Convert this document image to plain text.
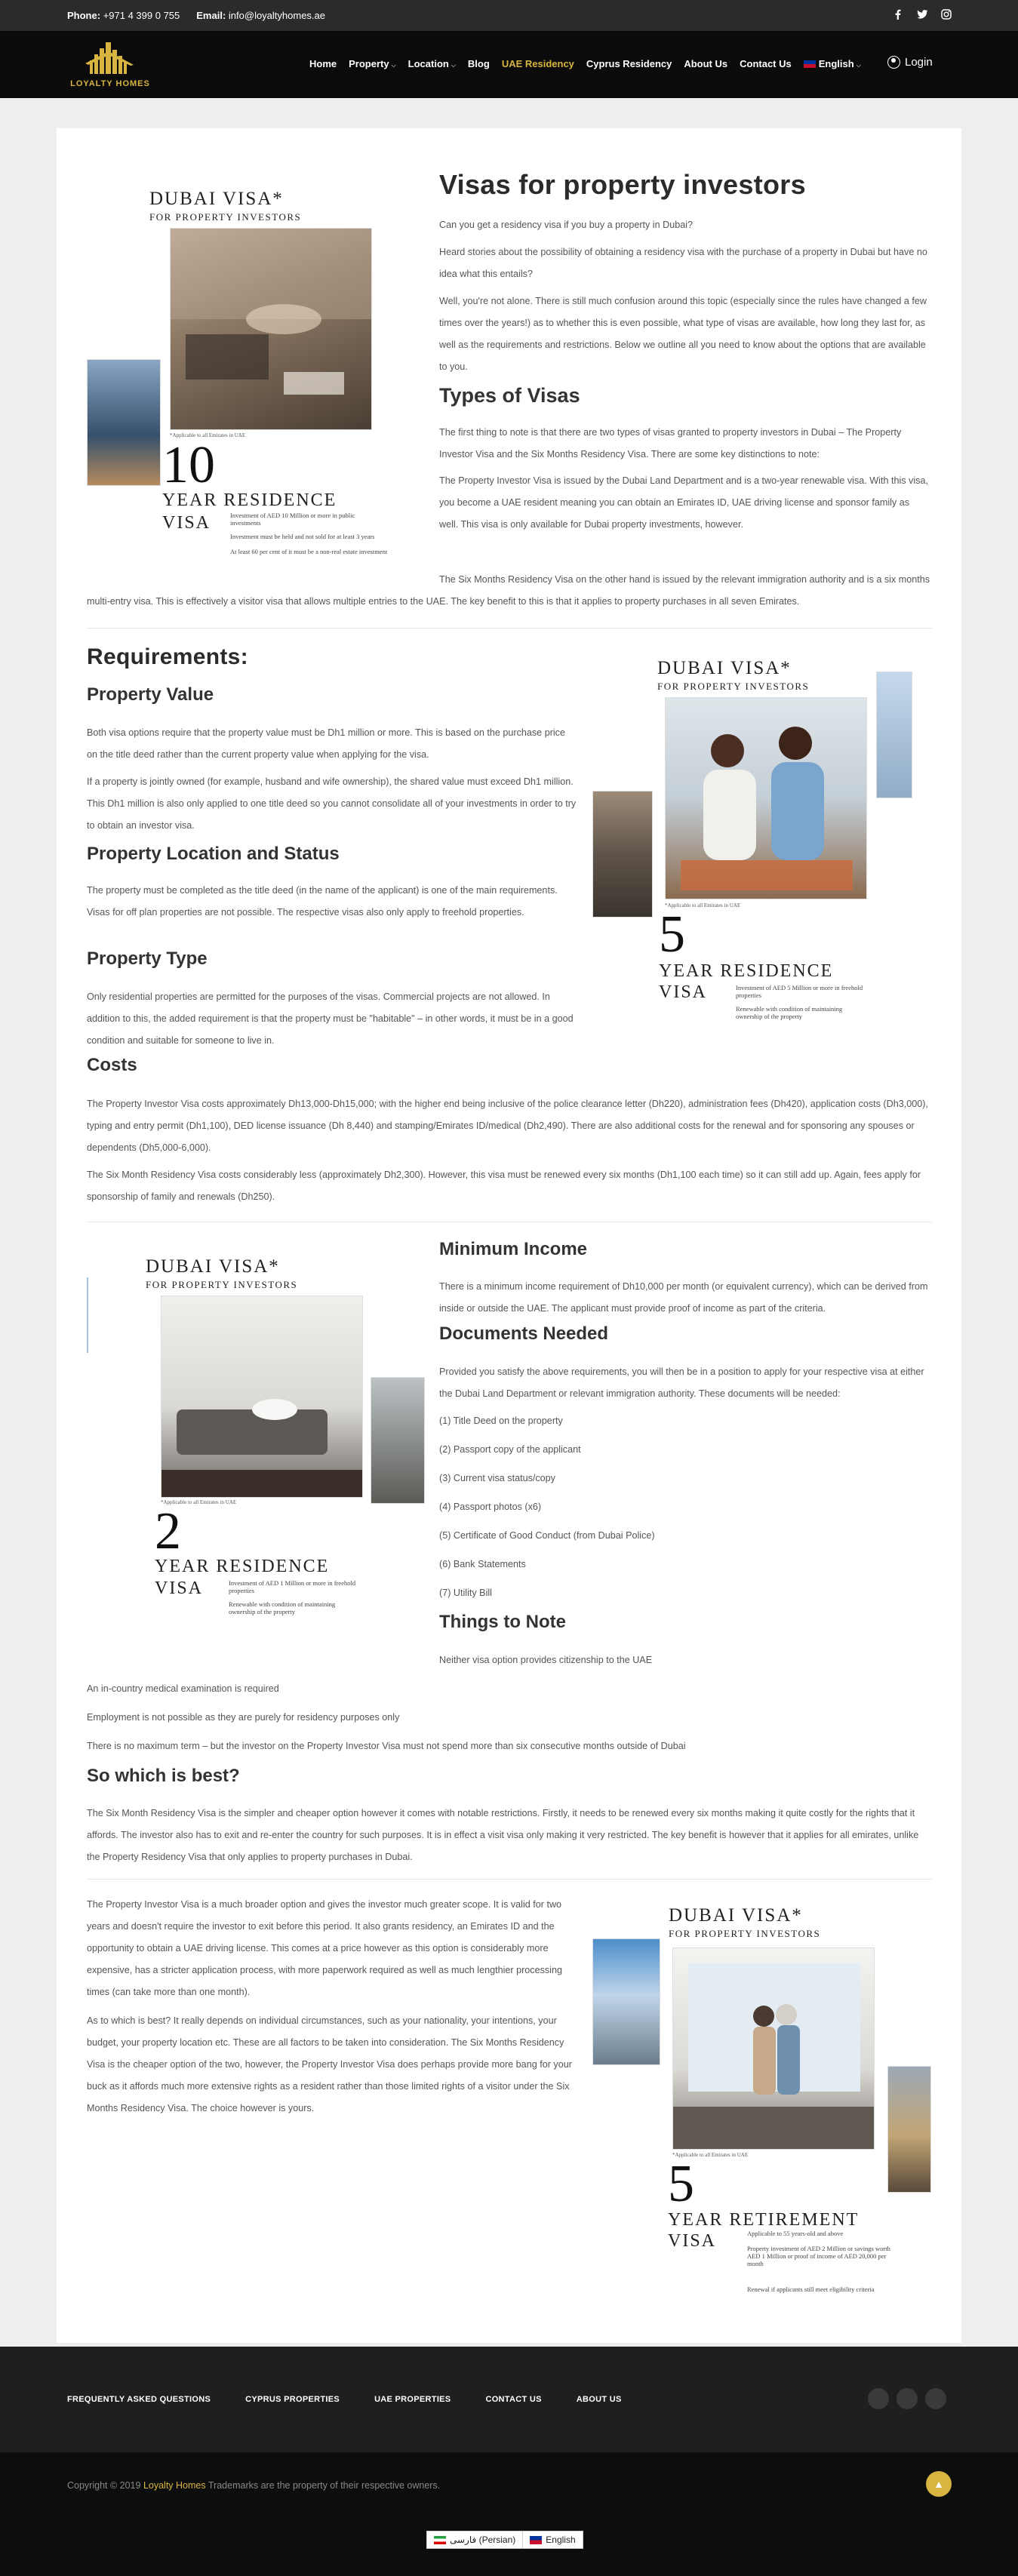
Phone: +971 4 399 0 755 Email: info@loyaltyhomes.ae
LOYALTY HOMES
Home Property ⌵ Location ⌵ Blog UAE Residency Cyprus Residency About Us Contact Us	English ⌵	Login
DUBAI VISA*
FOR PROPERTY INVESTORS
*Applicable to all Emirates in UAE
10
YEAR RESIDENCE
VISA	Investment of AED 10 Million or more in public investments
Investment must be held and not sold for at least 3 years
At least 60 per cent of it must be a non-real estate investment
Visas for property investors

Can you get a residency visa if you buy a property in Dubai?

Heard stories about the possibility of obtaining a residency visa with the purchase of a property in Dubai but have no idea what this entails?

Well, you're not alone. There is still much confusion around this topic (especially since the rules have changed a few times over the years!) as to whether this is even possible, what type of visas are available, how long they last for, as well as the requirements and restrictions. Below we outline all you need to know about the options that are available to you.

Types of Visas

The first thing to note is that there are two types of visas granted to property investors in Dubai – The Property Investor Visa and the Six Months Residency Visa. There are some key distinctions to note:

The Property Investor Visa is issued by the Dubai Land Department and is a two-year renewable visa. With this visa, you become a UAE resident meaning you can obtain an Emirates ID, UAE driving license and sponsor family as well. This visa is only available for Dubai property investments, however.

The Six Months Residency Visa on the other hand is issued by the relevant immigration authority and is a six months multi-entry visa. This is effectively a visitor visa that allows multiple entries to the UAE. The key benefit to this is that it applies to property purchases in all seven Emirates.

Requirements:
Property Value

Both visa options require that the property value must be Dh1 million or more. This is based on the purchase price on the title deed rather than the current property value when applying for the visa.

If a property is jointly owned (for example, husband and wife ownership), the shared value must exceed Dh1 million. This Dh1 million is also only applied to one title deed so you cannot consolidate all of your investments in order to try to obtain an investor visa.

Property Location and Status

The property must be completed as the title deed (in the name of the applicant) is one of the main requirements. Visas for off plan properties are not possible. The respective visas also only apply to freehold properties.

Property Type

Only residential properties are permitted for the purposes of the visas. Commercial projects are not allowed. In addition to this, the added requirement is that the property must be "habitable" – in other words, it must be in a good condition and suitable for someone to live in.

Costs

The Property Investor Visa costs approximately Dh13,000-Dh15,000; with the higher end being inclusive of the police clearance letter (Dh220), administration fees (Dh420), application costs (Dh3,000), typing and entry permit (Dh1,100), DED license issuance (Dh 8,440) and stamping/Emirates ID/medical (Dh2,490). There are also additional costs for the renewal and for sponsoring any spouses or dependents (Dh5,000-6,000).

The Six Month Residency Visa costs considerably less (approximately Dh2,300). However, this visa must be renewed every six months (Dh1,100 each time) so it can still add up. Again, fees apply for sponsorship of family and renewals (Dh250).

DUBAI VISA*
FOR PROPERTY INVESTORS
*Applicable to all Emirates in UAE
5
YEAR RESIDENCE
VISA	Investment of AED 5 Million or more in freehold properties
Renewable with condition of maintaining ownership of the property
DUBAI VISA*
FOR PROPERTY INVESTORS
*Applicable to all Emirates in UAE
2
YEAR RESIDENCE
VISA	Investment of AED 1 Million or more in freehold properties
Renewable with condition of maintaining ownership of the property
Minimum Income

There is a minimum income requirement of Dh10,000 per month (or equivalent currency), which can be derived from inside or outside the UAE. The applicant must provide proof of income as part of the criteria.

Documents Needed

Provided you satisfy the above requirements, you will then be in a position to apply for your respective visa at either the Dubai Land Department or relevant immigration authority. These documents will be needed:

(1) Title Deed on the property

(2) Passport copy of the applicant

(3) Current visa status/copy

(4) Passport photos (x6)

(5) Certificate of Good Conduct (from Dubai Police)

(6) Bank Statements

(7) Utility Bill

Things to Note

Neither visa option provides citizenship to the UAE

An in-country medical examination is required

Employment is not possible as they are purely for residency purposes only

There is no maximum term – but the investor on the Property Investor Visa must not spend more than six consecutive months outside of Dubai

So which is best?

The Six Month Residency Visa is the simpler and cheaper option however it comes with notable restrictions. Firstly, it needs to be renewed every six months making it quite costly for the rights that it affords. The investor also has to exit and re-enter the country for such purposes. It is in effect a visit visa only making it very restricted. The key benefit is however that it applies for all emirates, unlike the Property Residency Visa that only applies to property purchases in Dubai.

The Property Investor Visa is a much broader option and gives the investor much greater scope. It is valid for two years and doesn't require the investor to exit before this period. It also grants residency, an Emirates ID and the opportunity to obtain a UAE driving license. This comes at a price however as this option is considerably more expensive, has a stricter application process, with more paperwork required as well as much lengthier processing times (can take more than one month).

As to which is best? It really depends on individual circumstances, such as your nationality, your intentions, your budget, your property location etc. These are all factors to be taken into consideration. The Six Months Residency Visa is the cheaper option of the two, however, the Property Investor Visa does perhaps provide more bang for your buck as it affords much more extensive rights as a resident rather than those limited rights of a visitor under the Six Months Residency Visa. The choice however is yours.

DUBAI VISA*
FOR PROPERTY INVESTORS
*Applicable to all Emirates in UAE
5
YEAR RETIREMENT
VISA	Applicable to 55 years-old and above
Property investment of AED 2 Million or savings worth AED 1 Million or proof of income of AED 20,000 per month
Renewal if applicants still meet eligibility criteria
FREQUENTLY ASKED QUESTIONS	CYPRUS PROPERTIES	UAE PROPERTIES	CONTACT US	ABOUT US
Copyright © 2019 Loyalty Homes Trademarks are the property of their respective owners.	▲
فارسی (Persian)	English
